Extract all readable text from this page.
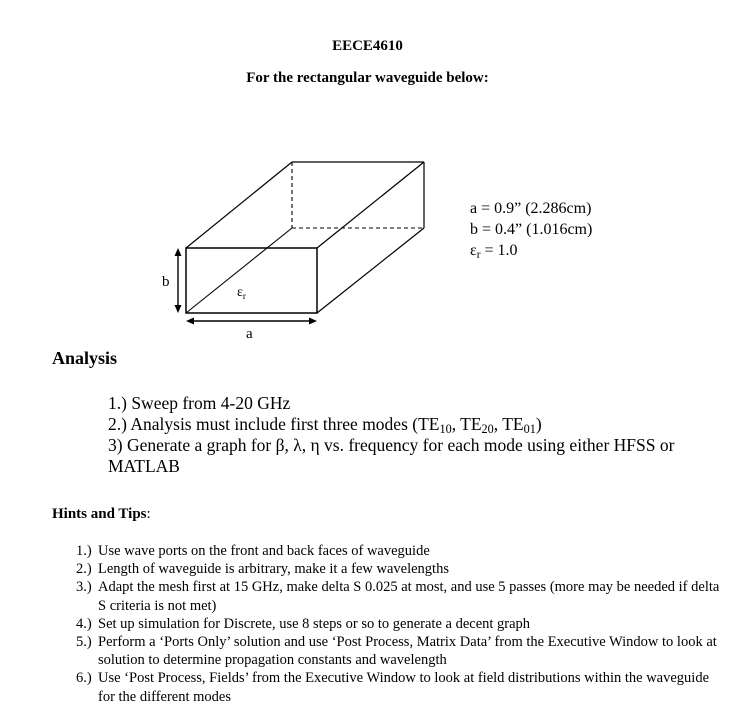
EECE4610
For the rectangular waveguide below:
b
a
$\varepsilon_r$
a = 0.9” (2.286cm)
b = 0.4” (1.016cm)
$\varepsilon_r = 1.0$
Analysis
1.) Sweep from 4-20 GHz
2.) Analysis must include first three modes ($TE_{10}$, $TE_{20}$, $TE_{01}$)
3) Generate a graph for β, λ, η vs. frequency for each mode using either HFSS or MATLAB
Hints and Tips:
1.) Use wave ports on the front and back faces of waveguide
2.) Length of waveguide is arbitrary, make it a few wavelengths
3.) Adapt the mesh first at 15 GHz, make delta S 0.025 at most, and use 5 passes (more may be needed if delta S criteria is not met)
4.) Set up simulation for Discrete, use 8 steps or so to generate a decent graph
5.) Perform a ‘Ports Only’ solution and use ‘Post Process, Matrix Data’ from the Executive Window to look at solution to determine propagation constants and wavelength
6.) Use ‘Post Process, Fields’ from the Executive Window to look at field distributions within the waveguide for the different modes
